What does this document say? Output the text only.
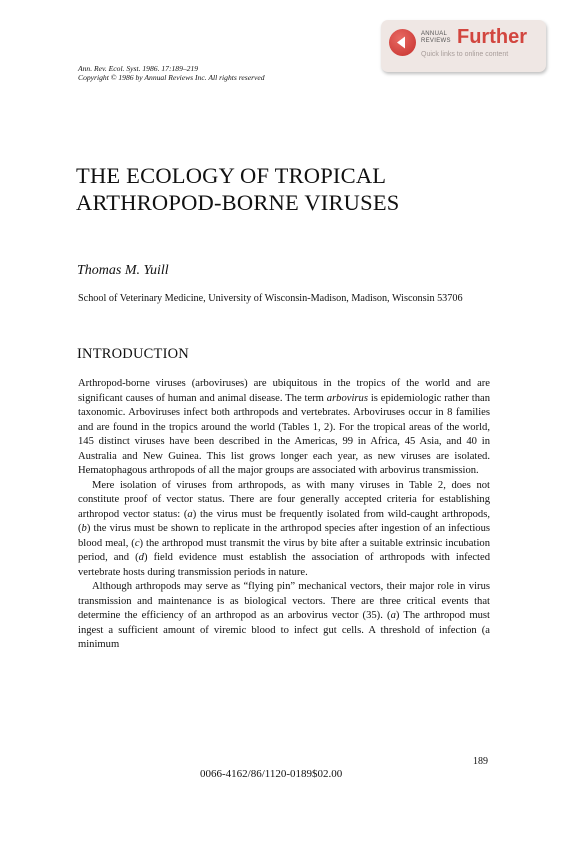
Ann. Rev. Ecol. Syst. 1986. 17:189–219
Copyright © 1986 by Annual Reviews Inc. All rights reserved
ANNUAL
REVIEWS Further
Quick links to online content
THE ECOLOGY OF TROPICAL
ARTHROPOD-BORNE VIRUSES
Thomas M. Yuill
School of Veterinary Medicine, University of Wisconsin-Madison, Madison, Wisconsin 53706
INTRODUCTION

Arthropod-borne viruses (arboviruses) are ubiquitous in the tropics of the world and are significant causes of human and animal disease. The term arbovirus is epidemiologic rather than taxonomic. Arboviruses infect both arthropods and vertebrates. Arboviruses occur in 8 families and are found in the tropics around the world (Tables 1, 2). For the tropical areas of the world, 145 distinct viruses have been described in the Americas, 99 in Africa, 45 Asia, and 40 in Australia and New Guinea. This list grows longer each year, as new viruses are isolated. Hematophagous arthropods of all the major groups are associated with arbovirus transmission.

Mere isolation of viruses from arthropods, as with many viruses in Table 2, does not constitute proof of vector status. There are four generally accepted criteria for establishing arthropod vector status: (a) the virus must be frequently isolated from wild-caught arthropods, (b) the virus must be shown to replicate in the arthropod species after ingestion of an infectious blood meal, (c) the arthropod must transmit the virus by bite after a suitable extrinsic incubation period, and (d) field evidence must establish the association of arthropods with infected vertebrate hosts during transmission periods in nature.

Although arthropods may serve as “flying pin” mechanical vectors, their major role in virus transmission and maintenance is as biological vectors. There are three critical events that determine the efficiency of an arthropod as an arbovirus vector (35). (a) The arthropod must ingest a sufficient amount of viremic blood to infect gut cells. A threshold of infection (a minimum

189
0066-4162/86/1120-0189$02.00
